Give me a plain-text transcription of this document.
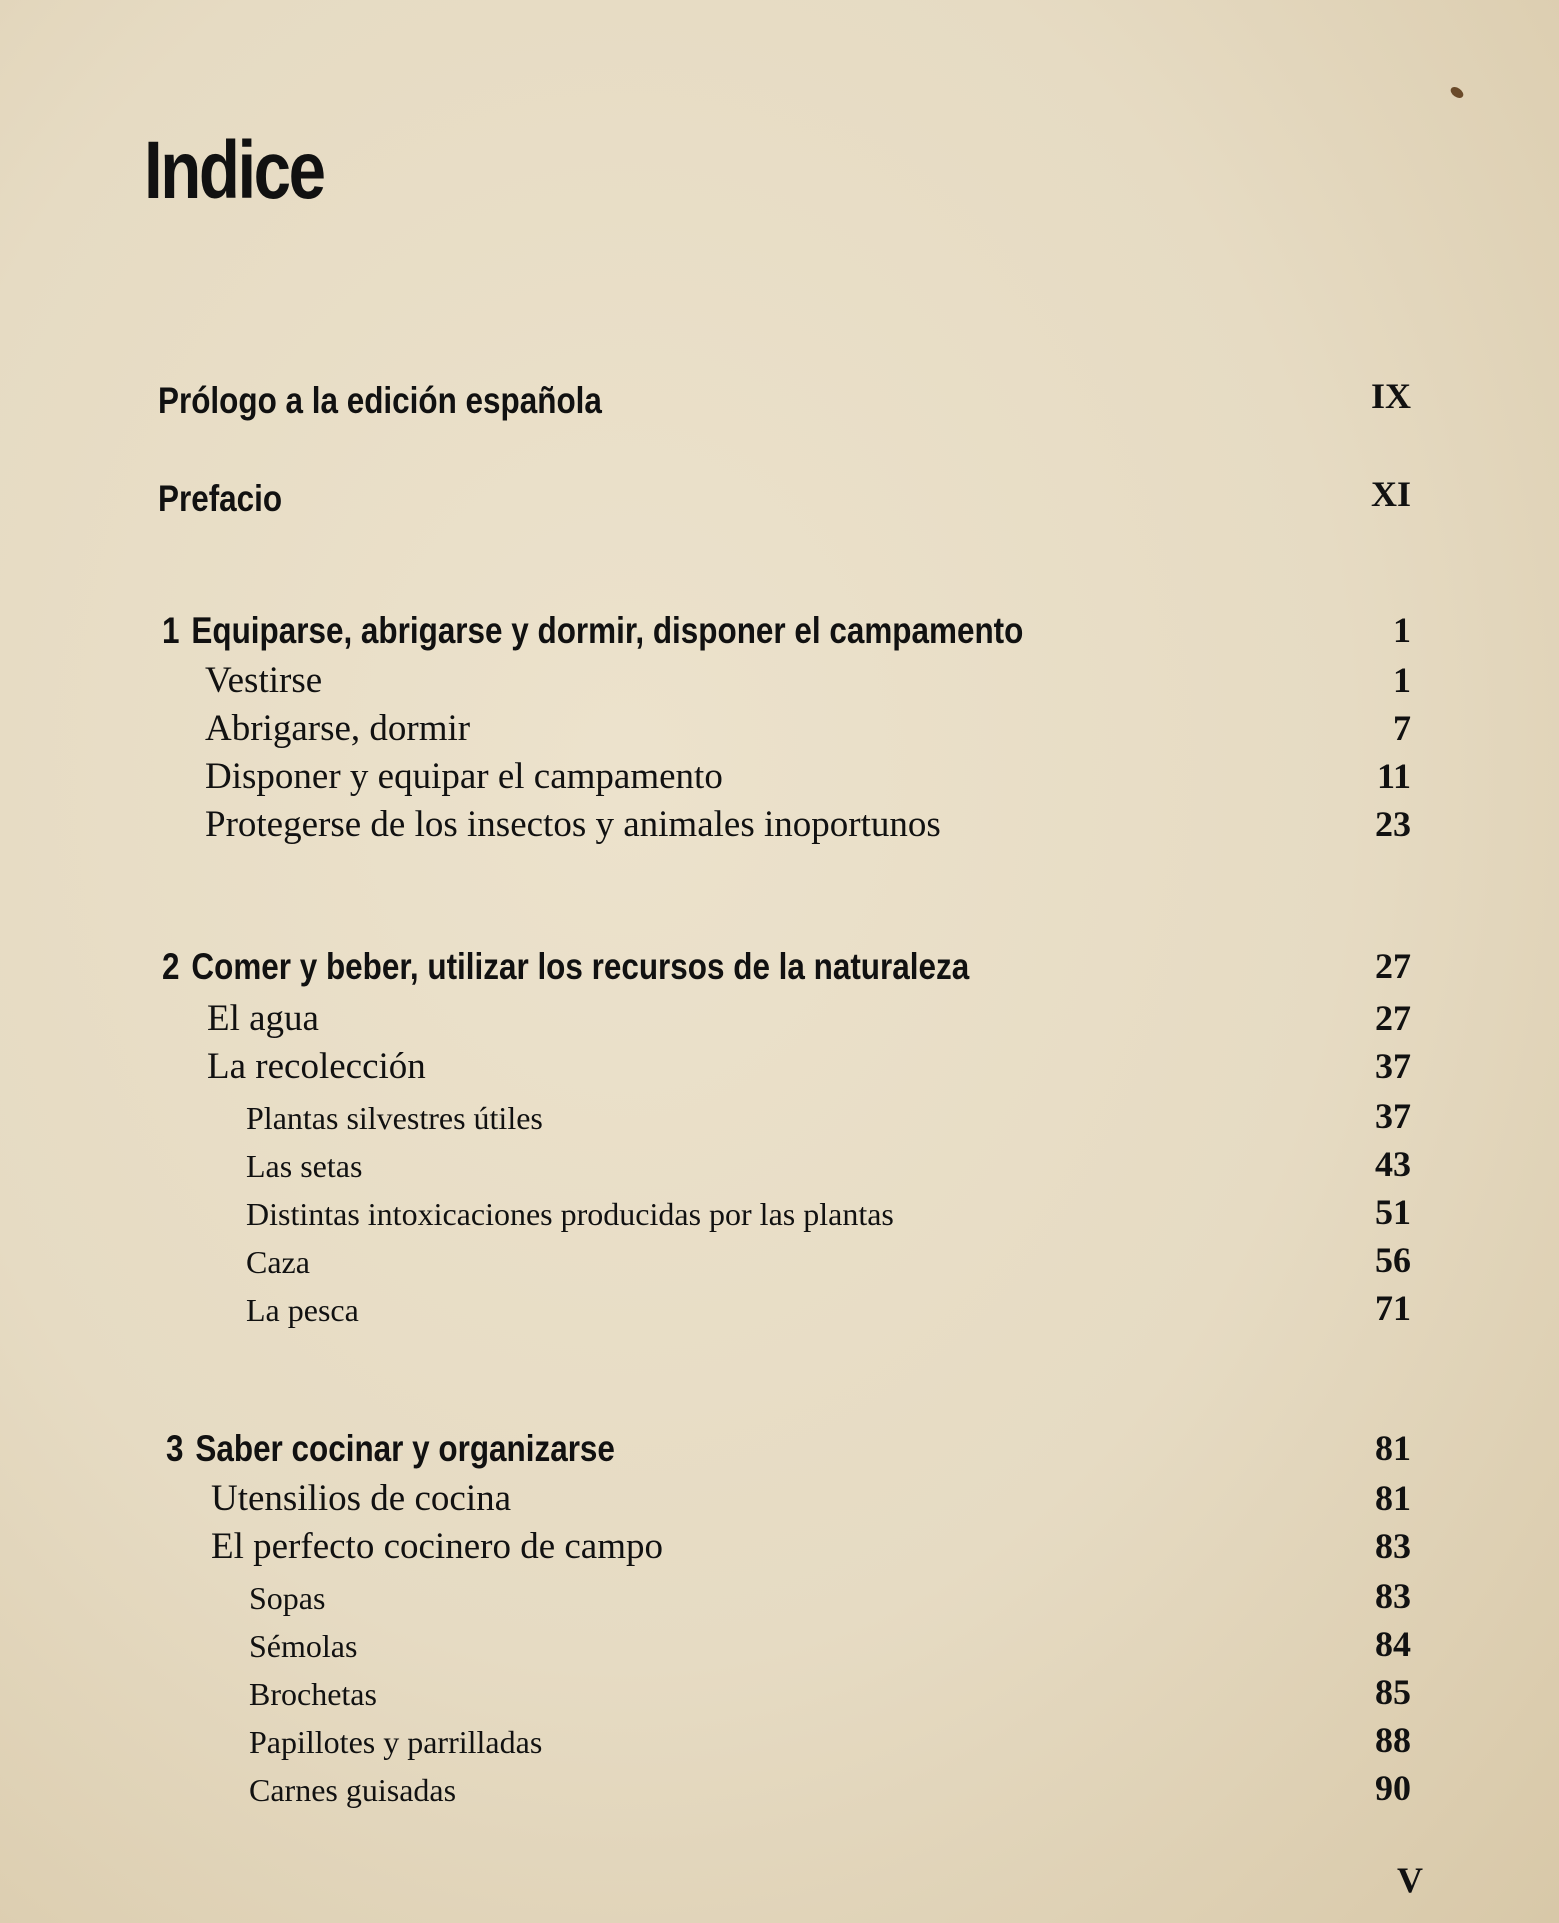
Indice
Prólogo a la edición española	IX
Prefacio	XI
1 Equiparse, abrigarse y dormir, disponer el campamento	1
Vestirse	1
Abrigarse, dormir	7
Disponer y equipar el campamento	11
Protegerse de los insectos y animales inoportunos	23
2 Comer y beber, utilizar los recursos de la naturaleza	27
El agua	27
La recolección	37
Plantas silvestres útiles	37
Las setas	43
Distintas intoxicaciones producidas por las plantas	51
Caza	56
La pesca	71
3 Saber cocinar y organizarse	81
Utensilios de cocina	81
El perfecto cocinero de campo	83
Sopas	83
Sémolas	84
Brochetas	85
Papillotes y parrilladas	88
Carnes guisadas	90
V
